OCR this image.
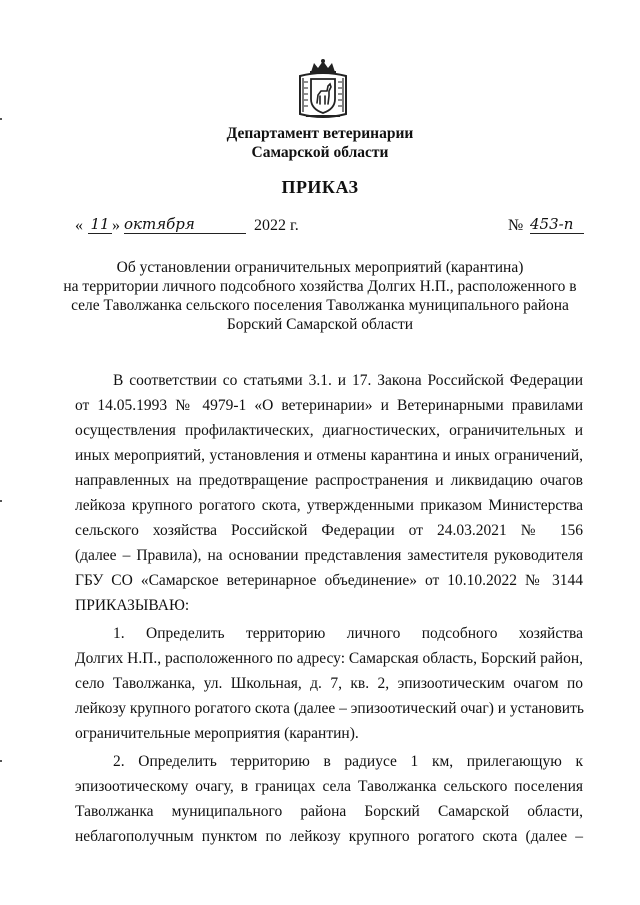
Департамент ветеринарии
Самарской области
ПРИКАЗ
« 11 » октября	2022 г.	№ 453-п
Об установлении ограничительных мероприятий (карантина)
на территории личного подсобного хозяйства Долгих Н.П., расположенного в
селе Таволжанка сельского поселения Таволжанка муниципального района
Борский Самарской области
В соответствии со статьями 3.1. и 17. Закона Российской Федерации
от 14.05.1993 № 4979-1 «О ветеринарии» и Ветеринарными правилами
осуществления профилактических, диагностических, ограничительных и
иных мероприятий, установления и отмены карантина и иных ограничений,
направленных на предотвращение распространения и ликвидацию очагов
лейкоза крупного рогатого скота, утвержденными приказом Министерства
сельского хозяйства Российской Федерации от 24.03.2021 № 156
(далее – Правила), на основании представления заместителя руководителя
ГБУ СО «Самарское ветеринарное объединение» от 10.10.2022 № 3144
ПРИКАЗЫВАЮ:
1. Определить территорию личного подсобного хозяйства
Долгих Н.П., расположенного по адресу: Самарская область, Борский район,
село Таволжанка, ул. Школьная, д. 7, кв. 2, эпизоотическим очагом по
лейкозу крупного рогатого скота (далее – эпизоотический очаг) и установить
ограничительные мероприятия (карантин).
2. Определить территорию в радиусе 1 км, прилегающую к
эпизоотическому очагу, в границах села Таволжанка сельского поселения
Таволжанка муниципального района Борский Самарской области,
неблагополучным пунктом по лейкозу крупного рогатого скота (далее –
